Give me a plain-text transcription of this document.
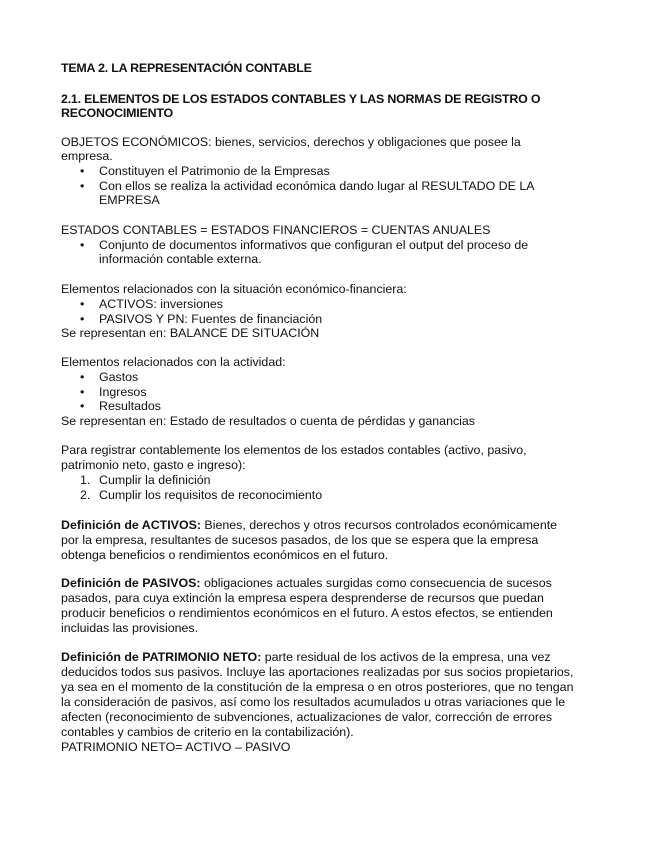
TEMA 2. LA REPRESENTACIÓN CONTABLE
2.1. ELEMENTOS DE LOS ESTADOS CONTABLES Y LAS NORMAS DE REGISTRO O
RECONOCIMIENTO
OBJETOS ECONÓMICOS: bienes, servicios, derechos y obligaciones que posee la
empresa.
• Constituyen el Patrimonio de la Empresas
• Con ellos se realiza la actividad económica dando lugar al RESULTADO DE LA
EMPRESA
ESTADOS CONTABLES = ESTADOS FINANCIEROS = CUENTAS ANUALES
• Conjunto de documentos informativos que configuran el output del proceso de
información contable externa.
Elementos relacionados con la situación económico-financiera:
• ACTIVOS: inversiones
• PASIVOS Y PN: Fuentes de financiación
Se representan en: BALANCE DE SITUACIÓN
Elementos relacionados con la actividad:
• Gastos
• Ingresos
• Resultados
Se representan en: Estado de resultados o cuenta de pérdidas y ganancias
Para registrar contablemente los elementos de los estados contables (activo, pasivo,
patrimonio neto, gasto e ingreso):
1. Cumplir la definición
2. Cumplir los requisitos de reconocimiento
Definición de ACTIVOS: Bienes, derechos y otros recursos controlados económicamente
por la empresa, resultantes de sucesos pasados, de los que se espera que la empresa
obtenga beneficios o rendimientos económicos en el futuro.
Definición de PASIVOS: obligaciones actuales surgidas como consecuencia de sucesos
pasados, para cuya extinción la empresa espera desprenderse de recursos que puedan
producir beneficios o rendimientos económicos en el futuro. A estos efectos, se entienden
incluidas las provisiones.
Definición de PATRIMONIO NETO: parte residual de los activos de la empresa, una vez
deducidos todos sus pasivos. Incluye las aportaciones realizadas por sus socios propietarios,
ya sea en el momento de la constitución de la empresa o en otros posteriores, que no tengan
la consideración de pasivos, así como los resultados acumulados u otras variaciones que le
afecten (reconocimiento de subvenciones, actualizaciones de valor, corrección de errores
contables y cambios de criterio en la contabilización).
PATRIMONIO NETO= ACTIVO – PASIVO
